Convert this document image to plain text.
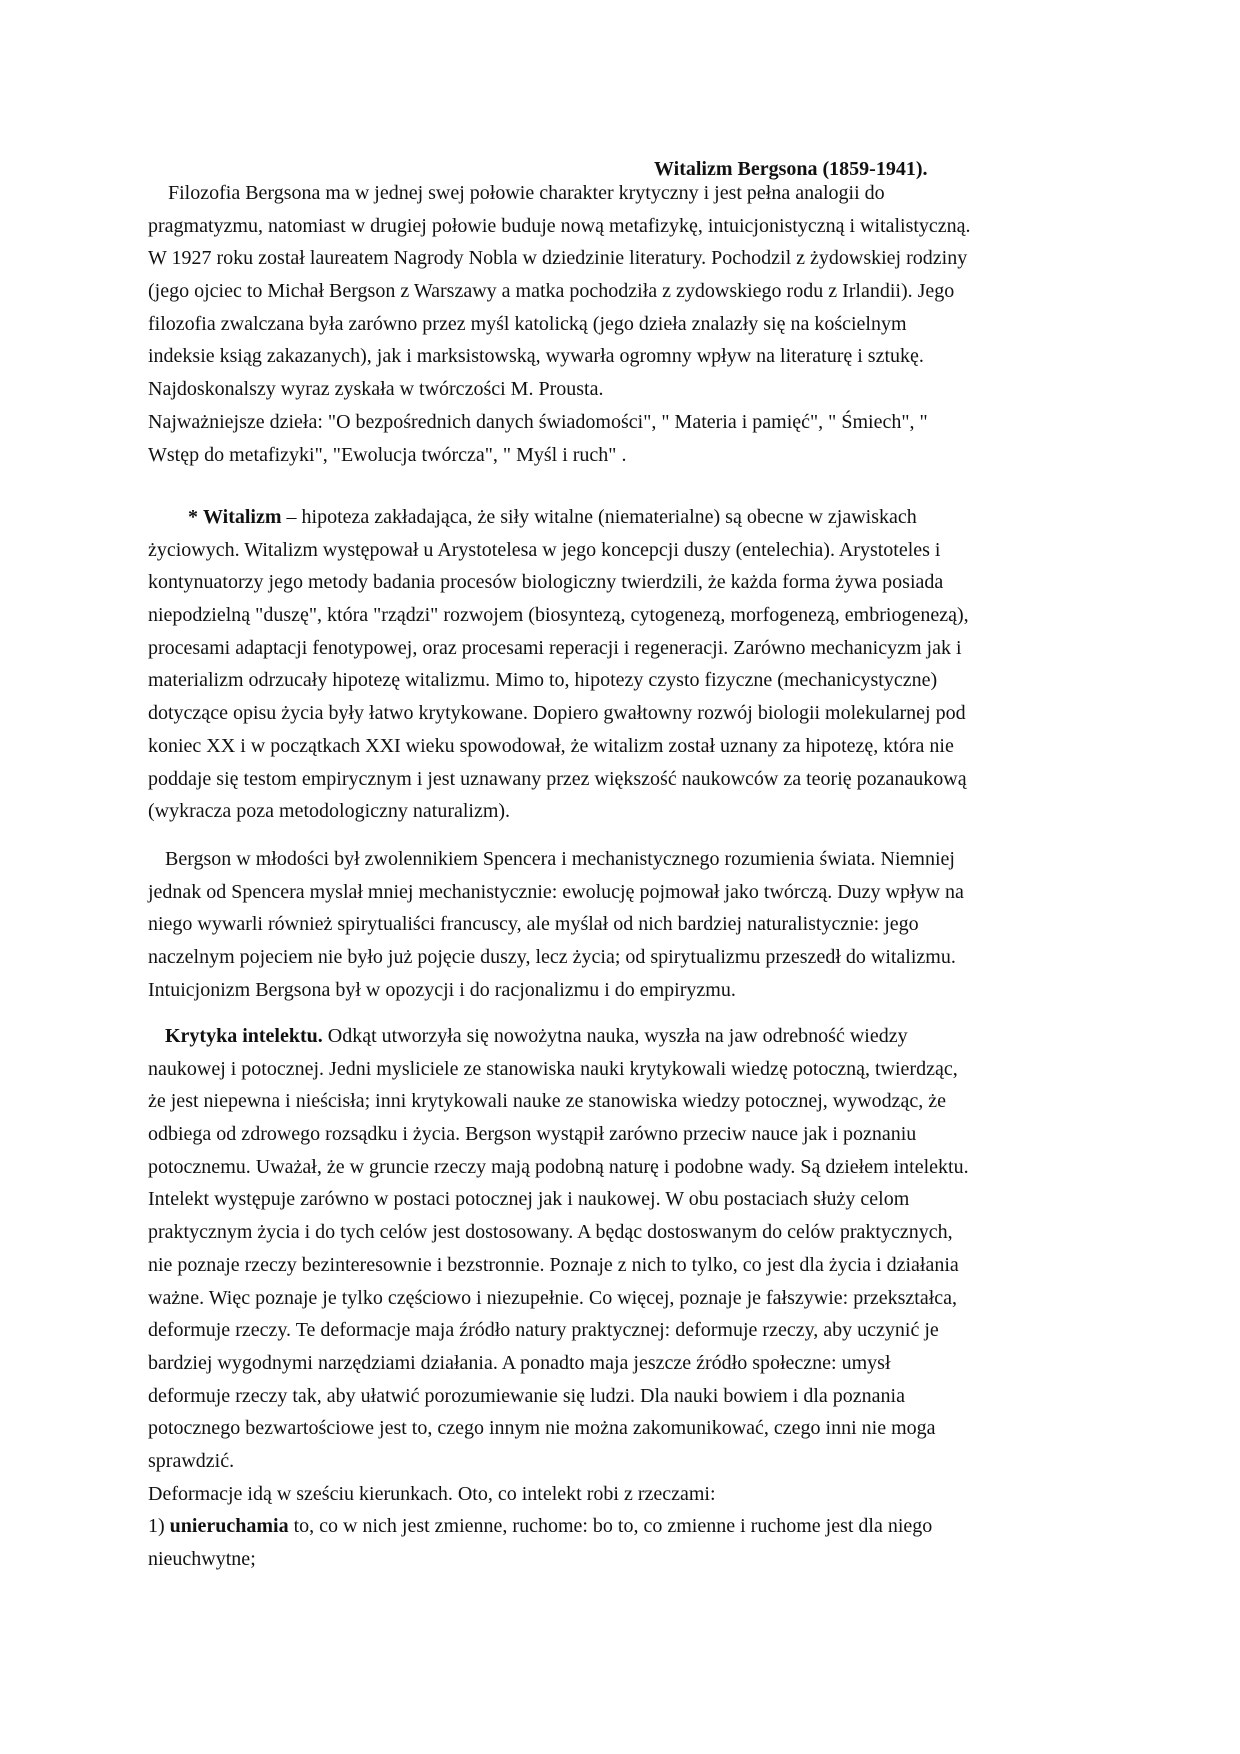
Witalizm Bergsona (1859-1941).
Filozofia Bergsona ma w jednej swej połowie charakter krytyczny i jest pełna analogii do
pragmatyzmu, natomiast w drugiej połowie buduje nową metafizykę, intuicjonistyczną i witalistyczną.
W 1927 roku został laureatem Nagrody Nobla w dziedzinie literatury. Pochodzil z żydowskiej rodziny
(jego ojciec to Michał Bergson z Warszawy a matka pochodziła z zydowskiego rodu z Irlandii). Jego
filozofia zwalczana była zarówno przez myśl katolicką (jego dzieła znalazły się na kościelnym
indeksie ksiąg zakazanych), jak i marksistowską, wywarła ogromny wpływ na literaturę i sztukę.
Najdoskonalszy wyraz zyskała w twórczości M. Prousta.
Najważniejsze dzieła: "O bezpośrednich danych świadomości", " Materia i pamięć", " Śmiech", "
Wstęp do metafizyki", "Ewolucja twórcza", " Myśl i ruch" .
* Witalizm – hipoteza zakładająca, że siły witalne (niematerialne) są obecne w zjawiskach
życiowych. Witalizm występował u Arystotelesa w jego koncepcji duszy (entelechia). Arystoteles i
kontynuatorzy jego metody badania procesów biologiczny twierdzili, że każda forma żywa posiada
niepodzielną "duszę", która "rządzi" rozwojem (biosyntezą, cytogenezą, morfogenezą, embriogenezą),
procesami adaptacji fenotypowej, oraz procesami reperacji i regeneracji. Zarówno mechanicyzm jak i
materializm odrzucały hipotezę witalizmu. Mimo to, hipotezy czysto fizyczne (mechanicystyczne)
dotyczące opisu życia były łatwo krytykowane. Dopiero gwałtowny rozwój biologii molekularnej pod
koniec XX i w początkach XXI wieku spowodował, że witalizm został uznany za hipotezę, która nie
poddaje się testom empirycznym i jest uznawany przez większość naukowców za teorię pozanaukową
(wykracza poza metodologiczny naturalizm).
Bergson w młodości był zwolennikiem Spencera i mechanistycznego rozumienia świata. Niemniej
jednak od Spencera myslał mniej mechanistycznie: ewolucję pojmował jako twórczą. Duzy wpływ na
niego wywarli również spirytualiści francuscy, ale myślał od nich bardziej naturalistycznie: jego
naczelnym pojeciem nie było już pojęcie duszy, lecz życia; od spirytualizmu przeszedł do witalizmu.
Intuicjonizm Bergsona był w opozycji i do racjonalizmu i do empiryzmu.
Krytyka intelektu. Odkąt utworzyła się nowożytna nauka, wyszła na jaw odrebność wiedzy
naukowej i potocznej. Jedni mysliciele ze stanowiska nauki krytykowali wiedzę potoczną, twierdząc,
że jest niepewna i nieścisła; inni krytykowali nauke ze stanowiska wiedzy potocznej, wywodząc, że
odbiega od zdrowego rozsądku i życia. Bergson wystąpił zarówno przeciw nauce jak i poznaniu
potocznemu. Uważał, że w gruncie rzeczy mają podobną naturę i podobne wady. Są dziełem intelektu.
Intelekt występuje zarówno w postaci potocznej jak i naukowej. W obu postaciach służy celom
praktycznym życia i do tych celów jest dostosowany. A będąc dostoswanym do celów praktycznych,
nie poznaje rzeczy bezinteresownie i bezstronnie. Poznaje z nich to tylko, co jest dla życia i działania
ważne. Więc poznaje je tylko częściowo i niezupełnie. Co więcej, poznaje je fałszywie: przekształca,
deformuje rzeczy. Te deformacje maja źródło natury praktycznej: deformuje rzeczy, aby uczynić je
bardziej wygodnymi narzędziami działania. A ponadto maja jeszcze źródło społeczne: umysł
deformuje rzeczy tak, aby ułatwić porozumiewanie się ludzi. Dla nauki bowiem i dla poznania
potocznego bezwartościowe jest to, czego innym nie można zakomunikować, czego inni nie moga
sprawdzić.
Deformacje idą w sześciu kierunkach. Oto, co intelekt robi z rzeczami:
1) unieruchamia to, co w nich jest zmienne, ruchome: bo to, co zmienne i ruchome jest dla niego
nieuchwytne;
